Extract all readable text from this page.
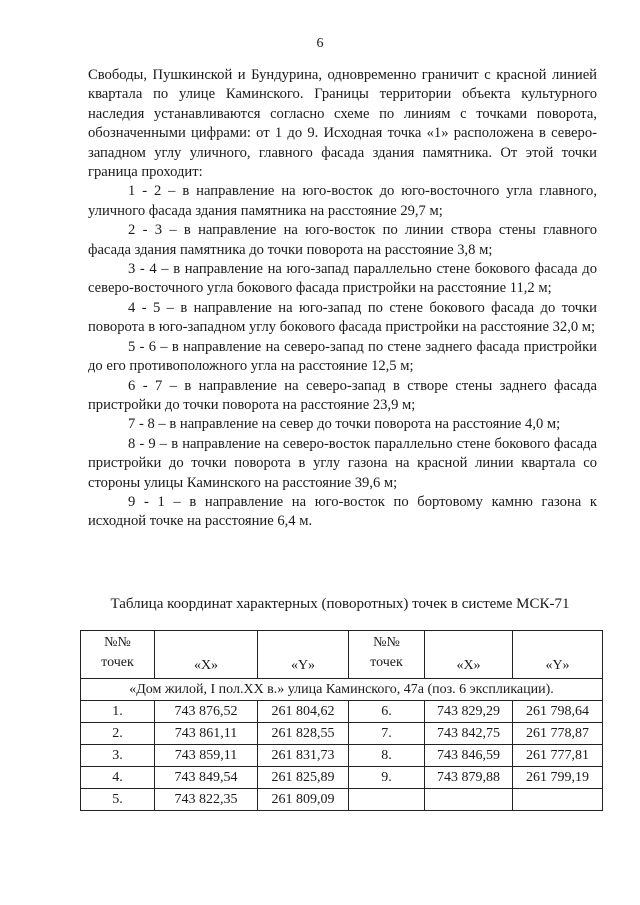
6

Свободы, Пушкинской и Бундурина, одновременно граничит с красной линией квартала по улице Каминского. Границы территории объекта культурного наследия устанавливаются согласно схеме по линиям с точками поворота, обозначенными цифрами: от 1 до 9. Исходная точка «1» расположена в северо-западном углу уличного, главного фасада здания памятника. От этой точки граница проходит:

1 - 2 – в направление на юго-восток до юго-восточного угла главного, уличного фасада здания памятника на расстояние 29,7 м;

2 - 3 – в направление на юго-восток по линии створа стены главного фасада здания памятника до точки поворота на расстояние 3,8 м;

3 - 4 – в направление на юго-запад параллельно стене бокового фасада до северо-восточного угла бокового фасада пристройки на расстояние 11,2 м;

4 - 5 – в направление на юго-запад по стене бокового фасада до точки поворота в юго-западном углу бокового фасада пристройки на расстояние 32,0 м;

5 - 6 – в направление на северо-запад по стене заднего фасада пристройки до его противоположного угла на расстояние 12,5 м;

6 - 7 – в направление на северо-запад в створе стены заднего фасада пристройки до точки поворота на расстояние 23,9 м;

7 - 8 – в направление на север до точки поворота на расстояние 4,0 м;

8 - 9 – в направление на северо-восток параллельно стене бокового фасада пристройки до точки поворота в углу газона на красной линии квартала со стороны улицы Каминского на расстояние 39,6 м;

9 - 1 – в направление на юго-восток по бортовому камню газона к исходной точке на расстояние 6,4 м.

Таблица координат характерных (поворотных) точек в системе МСК-71
№№
точек	«X»	«Y»	№№
точек	«X»	«Y»
«Дом жилой, I пол.XX в.» улица Каминского, 47а (поз. 6 экспликации).					
1.	743 876,52	261 804,62	6.	743 829,29	261 798,64
2.	743 861,11	261 828,55	7.	743 842,75	261 778,87
3.	743 859,11	261 831,73	8.	743 846,59	261 777,81
4.	743 849,54	261 825,89	9.	743 879,88	261 799,19
5.	743 822,35	261 809,09			
